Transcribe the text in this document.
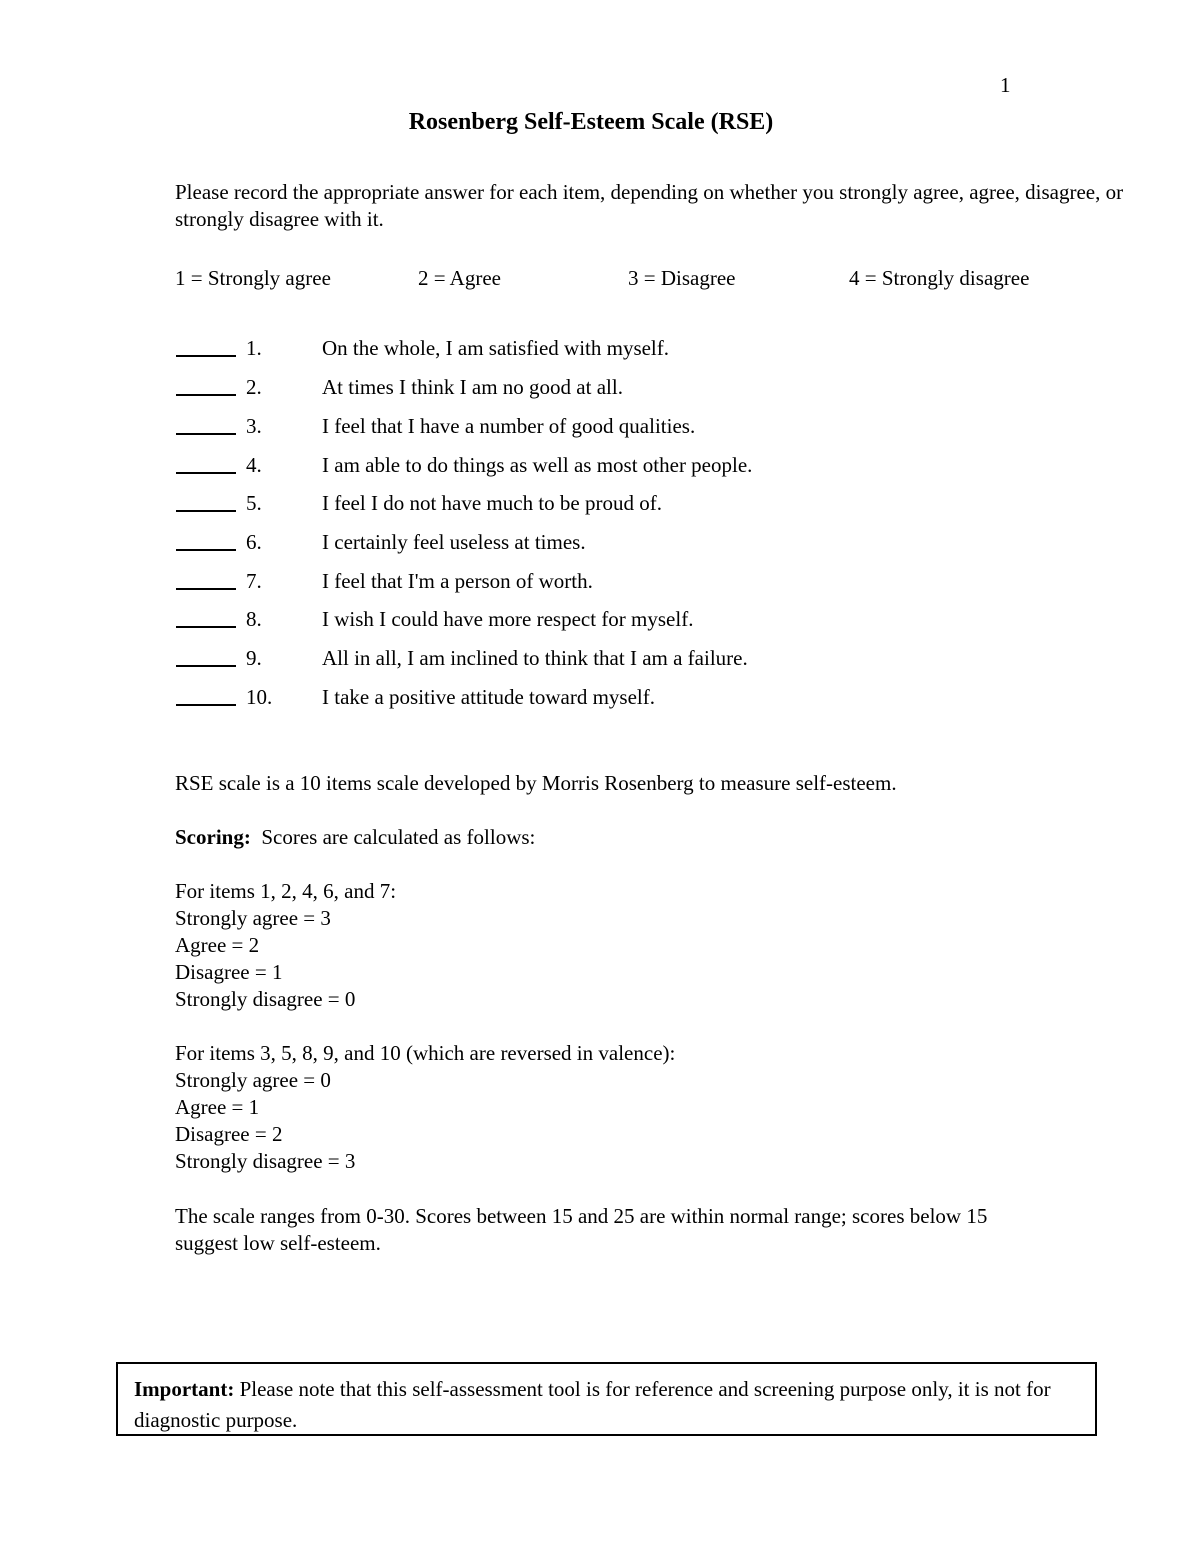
1
Rosenberg Self-Esteem Scale (RSE)
Please record the appropriate answer for each item, depending on whether you strongly agree, agree, disagree, or strongly disagree with it.
1 = Strongly agree	2 = Agree	3 = Disagree	4 = Strongly disagree
1.	On the whole, I am satisfied with myself.
2.	At times I think I am no good at all.
3.	I feel that I have a number of good qualities.
4.	I am able to do things as well as most other people.
5.	I feel I do not have much to be proud of.
6.	I certainly feel useless at times.
7.	I feel that I'm a person of worth.
8.	I wish I could have more respect for myself.
9.	All in all, I am inclined to think that I am a failure.
10. I take a positive attitude toward myself.
RSE scale is a 10 items scale developed by Morris Rosenberg to measure self-esteem.
Scoring: Scores are calculated as follows:
For items 1, 2, 4, 6, and 7:
Strongly agree = 3
Agree = 2
Disagree = 1
Strongly disagree = 0
For items 3, 5, 8, 9, and 10 (which are reversed in valence):
Strongly agree = 0
Agree = 1
Disagree = 2
Strongly disagree = 3
The scale ranges from 0-30. Scores between 15 and 25 are within normal range; scores below 15
suggest low self-esteem.
Important: Please note that this self-assessment tool is for reference and screening purpose only, it is not for diagnostic purpose.
